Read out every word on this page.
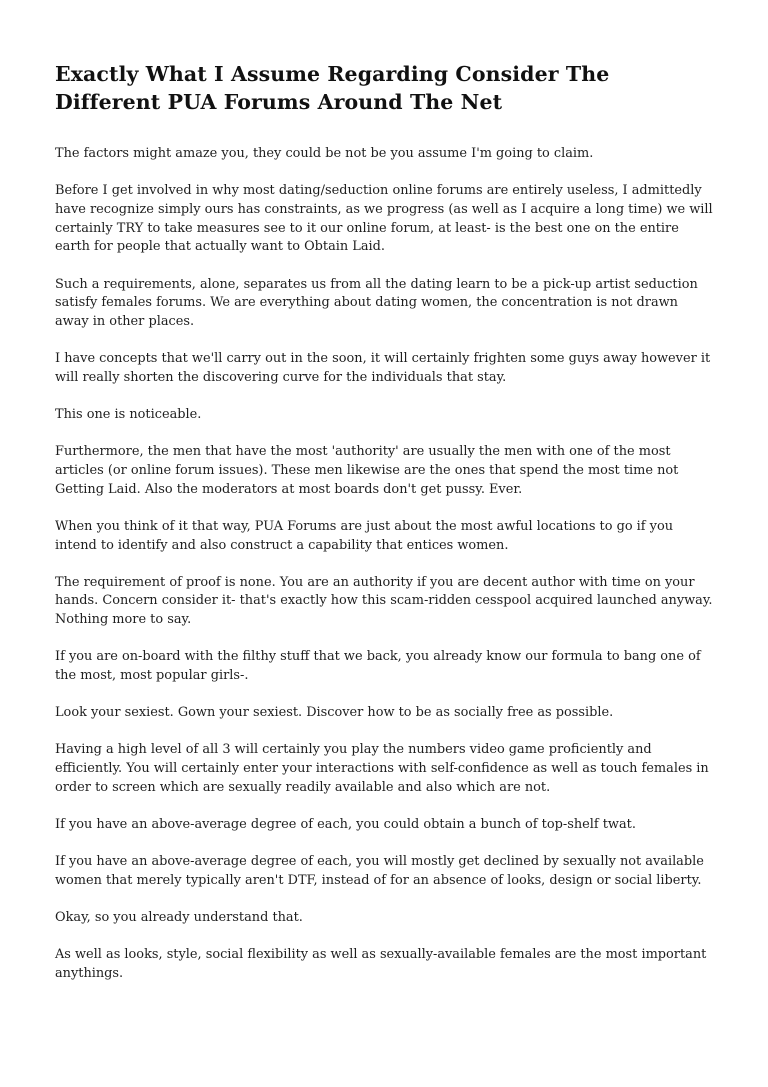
Exactly What I Assume Regarding Consider The Different PUA Forums Around The Net

The factors might amaze you, they could be not be you assume I'm going to claim.

Before I get involved in why most dating/seduction online forums are entirely useless, I admittedly have recognize simply ours has constraints, as we progress (as well as I acquire a long time) we will certainly TRY to take measures see to it our online forum, at least- is the best one on the entire earth for people that actually want to Obtain Laid.

Such a requirements, alone, separates us from all the dating learn to be a pick-up artist seduction satisfy females forums. We are everything about dating women, the concentration is not drawn away in other places.

I have concepts that we'll carry out in the soon, it will certainly frighten some guys away however it will really shorten the discovering curve for the individuals that stay.

This one is noticeable.

Furthermore, the men that have the most 'authority' are usually the men with one of the most articles (or online forum issues). These men likewise are the ones that spend the most time not Getting Laid. Also the moderators at most boards don't get pussy. Ever.

When you think of it that way, PUA Forums are just about the most awful locations to go if you intend to identify and also construct a capability that entices women.

The requirement of proof is none. You are an authority if you are decent author with time on your hands. Concern consider it- that's exactly how this scam-ridden cesspool acquired launched anyway. Nothing more to say.

If you are on-board with the filthy stuff that we back, you already know our formula to bang one of the most, most popular girls-.

Look your sexiest. Gown your sexiest. Discover how to be as socially free as possible.

Having a high level of all 3 will certainly you play the numbers video game proficiently and efficiently. You will certainly enter your interactions with self-confidence as well as touch females in order to screen which are sexually readily available and also which are not.

If you have an above-average degree of each, you could obtain a bunch of top-shelf twat.

If you have an above-average degree of each, you will mostly get declined by sexually not available women that merely typically aren't DTF, instead of for an absence of looks, design or social liberty.

Okay, so you already understand that.

As well as looks, style, social flexibility as well as sexually-available females are the most important anythings.
